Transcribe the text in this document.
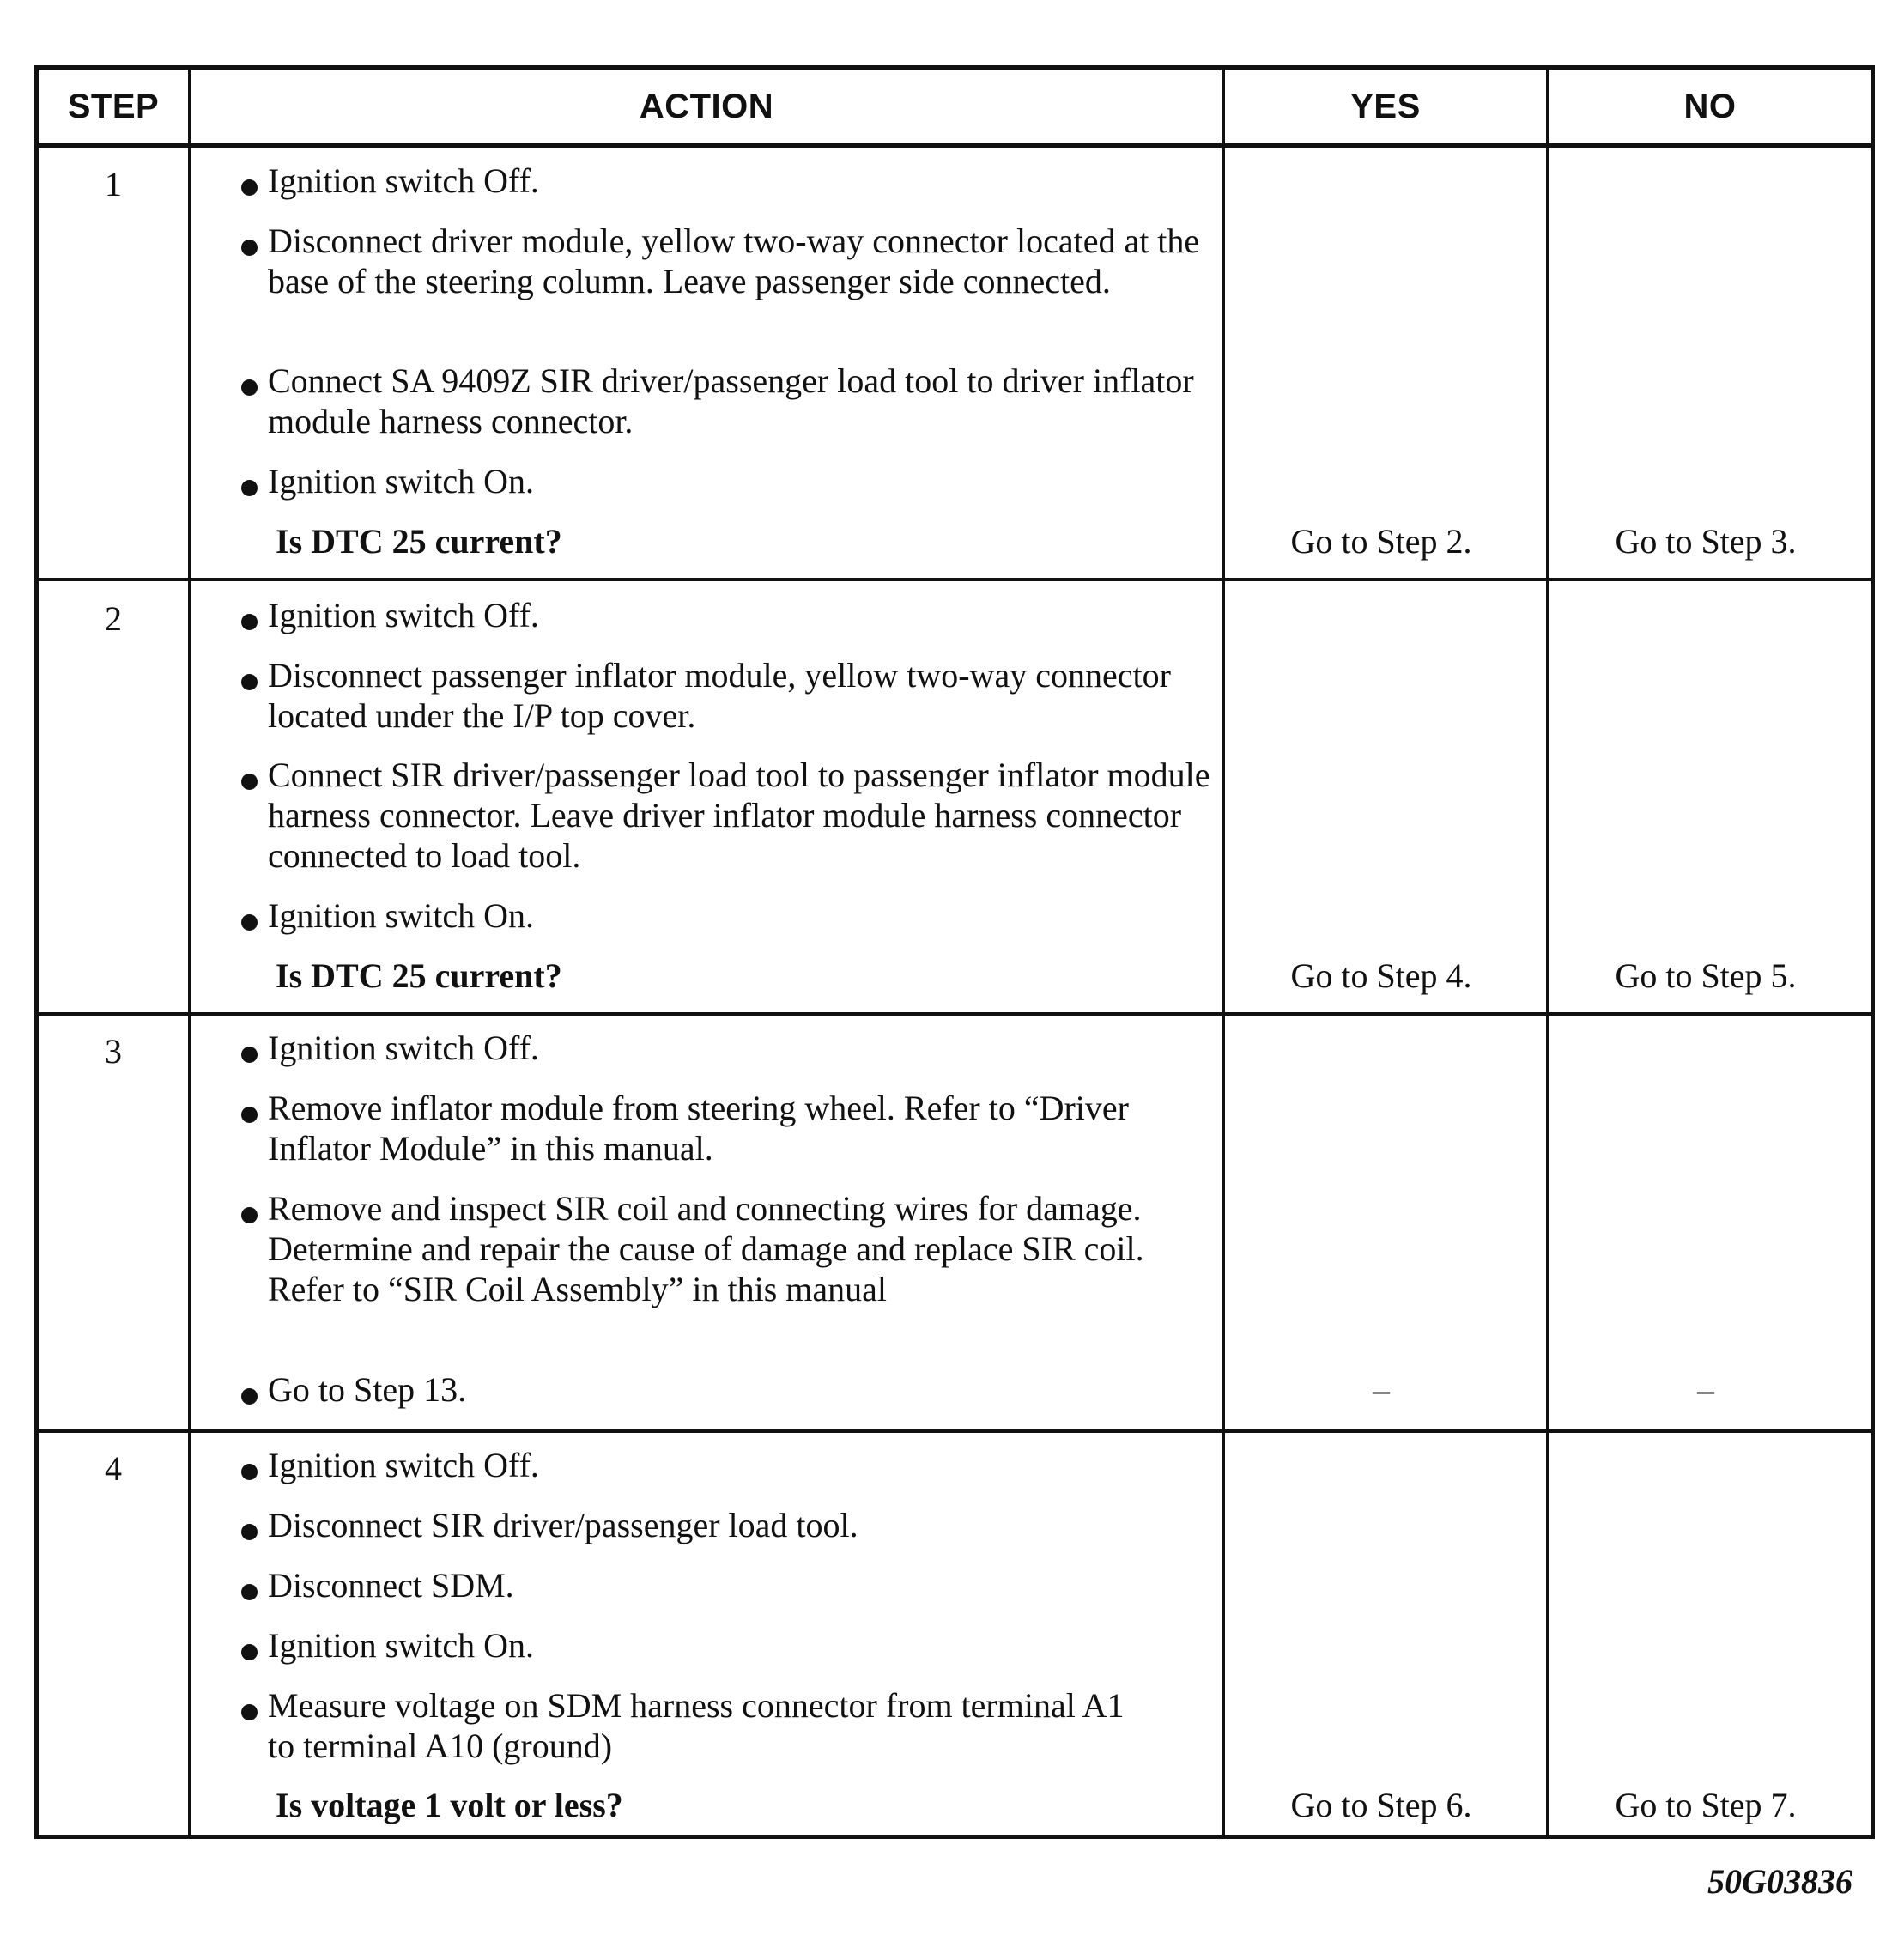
STEP	ACTION	YES	NO
1	Ignition switch Off.
Disconnect driver module, yellow two-way connector located at the base of the steering column. Leave passenger side connected.
Connect SA 9409Z SIR driver/passenger load tool to driver inflator module harness connector.
Ignition switch On.
Is DTC 25 current?	Go to Step 2.	Go to Step 3.
2	Ignition switch Off.
Disconnect passenger inflator module, yellow two-way connector located under the I/P top cover.
Connect SIR driver/passenger load tool to passenger inflator module harness connector. Leave driver inflator module harness connector connected to load tool.
Ignition switch On.
Is DTC 25 current?	Go to Step 4.	Go to Step 5.
3	Ignition switch Off.
Remove inflator module from steering wheel. Refer to “Driver Inflator Module” in this manual.
Remove and inspect SIR coil and connecting wires for damage. Determine and repair the cause of damage and replace SIR coil. Refer to “SIR Coil Assembly” in this manual
Go to Step 13.	–	–
4	Ignition switch Off.
Disconnect SIR driver/passenger load tool.
Disconnect SDM.
Ignition switch On.
Measure voltage on SDM harness connector from terminal A1 to terminal A10 (ground)
Is voltage 1 volt or less?	Go to Step 6.	Go to Step 7.
50G03836
